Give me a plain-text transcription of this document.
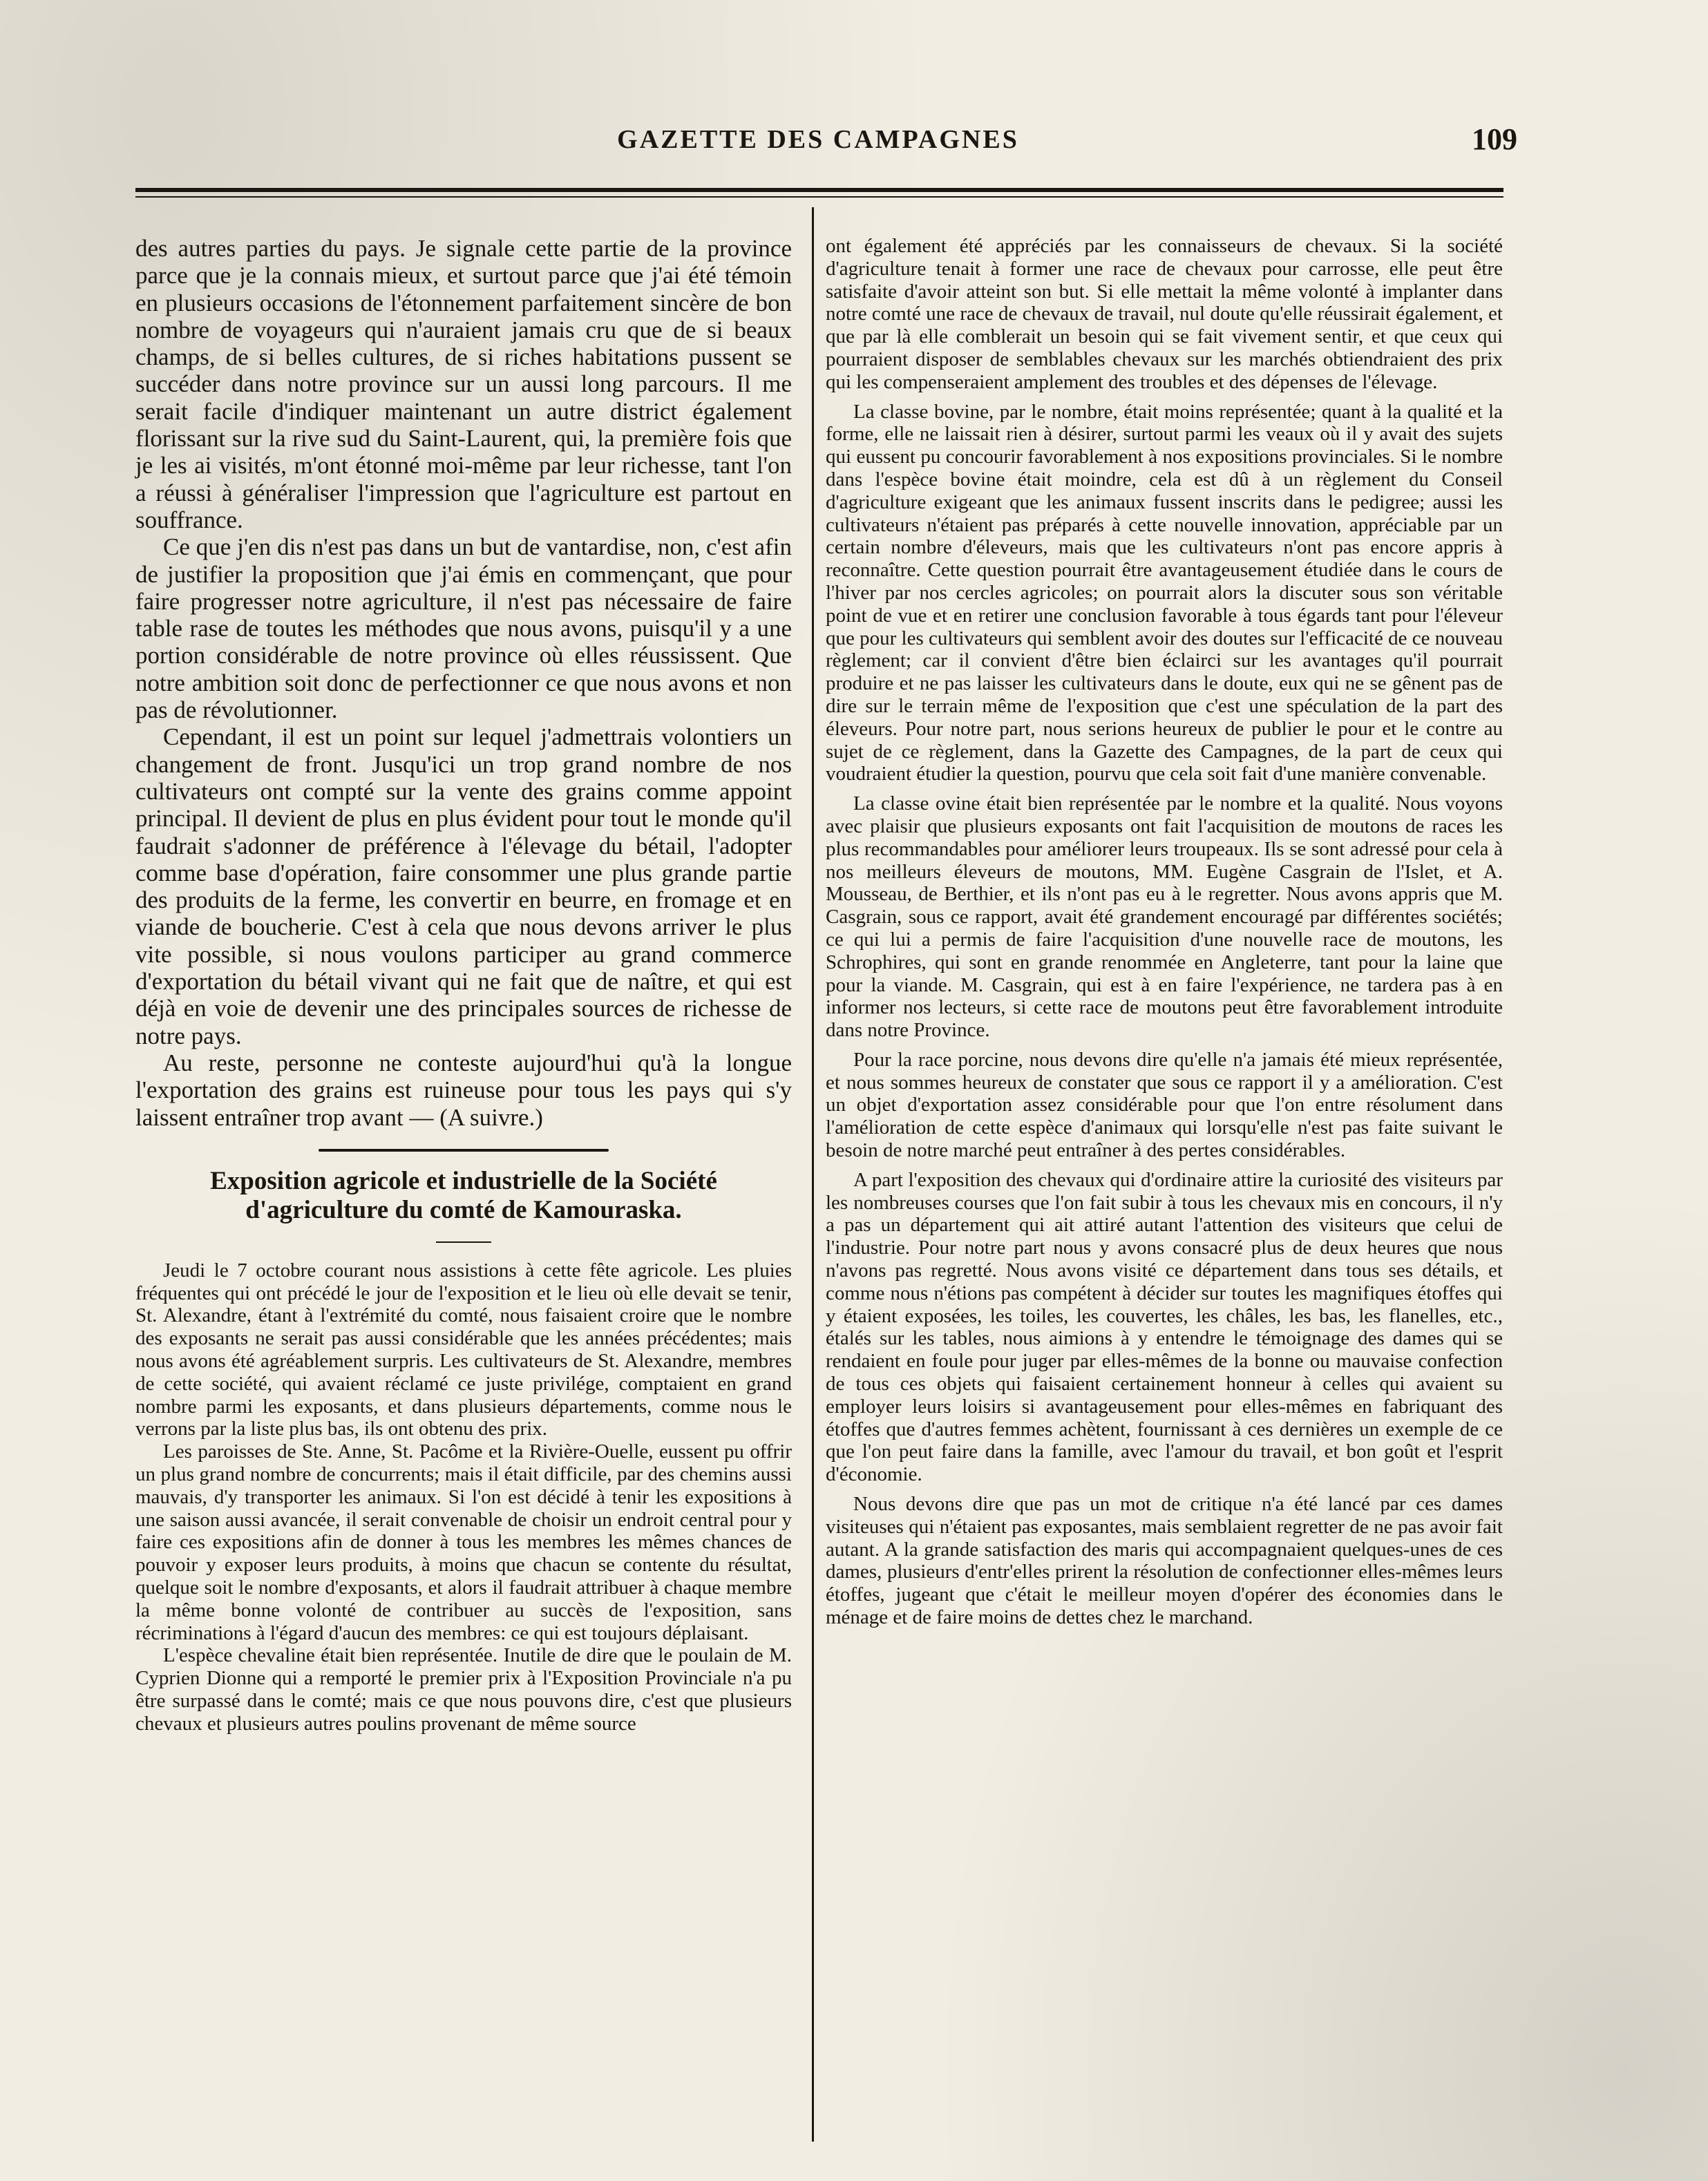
GAZETTE DES CAMPAGNES	109

des autres parties du pays. Je signale cette partie de la province parce que je la connais mieux, et surtout parce que j'ai été témoin en plusieurs occasions de l'étonnement parfaitement sincère de bon nombre de voyageurs qui n'auraient jamais cru que de si beaux champs, de si belles cultures, de si riches habitations pussent se succéder dans notre province sur un aussi long parcours. Il me serait facile d'indiquer maintenant un autre district également florissant sur la rive sud du Saint-Laurent, qui, la première fois que je les ai visités, m'ont étonné moi-même par leur richesse, tant l'on a réussi à généraliser l'impression que l'agriculture est partout en souffrance.

Ce que j'en dis n'est pas dans un but de vantardise, non, c'est afin de justifier la proposition que j'ai émis en commençant, que pour faire progresser notre agriculture, il n'est pas nécessaire de faire table rase de toutes les méthodes que nous avons, puisqu'il y a une portion considérable de notre province où elles réussissent. Que notre ambition soit donc de perfectionner ce que nous avons et non pas de révolutionner.

Cependant, il est un point sur lequel j'admettrais volontiers un changement de front. Jusqu'ici un trop grand nombre de nos cultivateurs ont compté sur la vente des grains comme appoint principal. Il devient de plus en plus évident pour tout le monde qu'il faudrait s'adonner de préférence à l'élevage du bétail, l'adopter comme base d'opération, faire consommer une plus grande partie des produits de la ferme, les convertir en beurre, en fromage et en viande de boucherie. C'est à cela que nous devons arriver le plus vite possible, si nous voulons participer au grand commerce d'exportation du bétail vivant qui ne fait que de naître, et qui est déjà en voie de devenir une des principales sources de richesse de notre pays.

Au reste, personne ne conteste aujourd'hui qu'à la longue l'exportation des grains est ruineuse pour tous les pays qui s'y laissent entraîner trop avant — (A suivre.)

Exposition agricole et industrielle de la Société d'agriculture du comté de Kamouraska.

Jeudi le 7 octobre courant nous assistions à cette fête agricole. Les pluies fréquentes qui ont précédé le jour de l'exposition et le lieu où elle devait se tenir, St. Alexandre, étant à l'extrémité du comté, nous faisaient croire que le nombre des exposants ne serait pas aussi considérable que les années précédentes; mais nous avons été agréablement surpris. Les cultivateurs de St. Alexandre, membres de cette société, qui avaient réclamé ce juste privilége, comptaient en grand nombre parmi les exposants, et dans plusieurs départements, comme nous le verrons par la liste plus bas, ils ont obtenu des prix.

Les paroisses de Ste. Anne, St. Pacôme et la Rivière-Ouelle, eussent pu offrir un plus grand nombre de concurrents; mais il était difficile, par des chemins aussi mauvais, d'y transporter les animaux. Si l'on est décidé à tenir les expositions à une saison aussi avancée, il serait convenable de choisir un endroit central pour y faire ces expositions afin de donner à tous les membres les mêmes chances de pouvoir y exposer leurs produits, à moins que chacun se contente du résultat, quelque soit le nombre d'exposants, et alors il faudrait attribuer à chaque membre la même bonne volonté de contribuer au succès de l'exposition, sans récriminations à l'égard d'aucun des membres: ce qui est toujours déplaisant.

L'espèce chevaline était bien représentée. Inutile de dire que le poulain de M. Cyprien Dionne qui a remporté le premier prix à l'Exposition Provinciale n'a pu être surpassé dans le comté; mais ce que nous pouvons dire, c'est que plusieurs chevaux et plusieurs autres poulins provenant de même source

ont également été appréciés par les connaisseurs de chevaux. Si la société d'agriculture tenait à former une race de chevaux pour carrosse, elle peut être satisfaite d'avoir atteint son but. Si elle mettait la même volonté à implanter dans notre comté une race de chevaux de travail, nul doute qu'elle réussirait également, et que par là elle comblerait un besoin qui se fait vivement sentir, et que ceux qui pourraient disposer de semblables chevaux sur les marchés obtiendraient des prix qui les compenseraient amplement des troubles et des dépenses de l'élevage.

La classe bovine, par le nombre, était moins représentée; quant à la qualité et la forme, elle ne laissait rien à désirer, surtout parmi les veaux où il y avait des sujets qui eussent pu concourir favorablement à nos expositions provinciales. Si le nombre dans l'espèce bovine était moindre, cela est dû à un règlement du Conseil d'agriculture exigeant que les animaux fussent inscrits dans le pedigree; aussi les cultivateurs n'étaient pas préparés à cette nouvelle innovation, appréciable par un certain nombre d'éleveurs, mais que les cultivateurs n'ont pas encore appris à reconnaître. Cette question pourrait être avantageusement étudiée dans le cours de l'hiver par nos cercles agricoles; on pourrait alors la discuter sous son véritable point de vue et en retirer une conclusion favorable à tous égards tant pour l'éleveur que pour les cultivateurs qui semblent avoir des doutes sur l'efficacité de ce nouveau règlement; car il convient d'être bien éclairci sur les avantages qu'il pourrait produire et ne pas laisser les cultivateurs dans le doute, eux qui ne se gênent pas de dire sur le terrain même de l'exposition que c'est une spéculation de la part des éleveurs. Pour notre part, nous serions heureux de publier le pour et le contre au sujet de ce règlement, dans la Gazette des Campagnes, de la part de ceux qui voudraient étudier la question, pourvu que cela soit fait d'une manière convenable.

La classe ovine était bien représentée par le nombre et la qualité. Nous voyons avec plaisir que plusieurs exposants ont fait l'acquisition de moutons de races les plus recommandables pour améliorer leurs troupeaux. Ils se sont adressé pour cela à nos meilleurs éleveurs de moutons, MM. Eugène Casgrain de l'Islet, et A. Mousseau, de Berthier, et ils n'ont pas eu à le regretter. Nous avons appris que M. Casgrain, sous ce rapport, avait été grandement encouragé par différentes sociétés; ce qui lui a permis de faire l'acquisition d'une nouvelle race de moutons, les Schrophires, qui sont en grande renommée en Angleterre, tant pour la laine que pour la viande. M. Casgrain, qui est à en faire l'expérience, ne tardera pas à en informer nos lecteurs, si cette race de moutons peut être favorablement introduite dans notre Province.

Pour la race porcine, nous devons dire qu'elle n'a jamais été mieux représentée, et nous sommes heureux de constater que sous ce rapport il y a amélioration. C'est un objet d'exportation assez considérable pour que l'on entre résolument dans l'amélioration de cette espèce d'animaux qui lorsqu'elle n'est pas faite suivant le besoin de notre marché peut entraîner à des pertes considérables.

A part l'exposition des chevaux qui d'ordinaire attire la curiosité des visiteurs par les nombreuses courses que l'on fait subir à tous les chevaux mis en concours, il n'y a pas un département qui ait attiré autant l'attention des visiteurs que celui de l'industrie. Pour notre part nous y avons consacré plus de deux heures que nous n'avons pas regretté. Nous avons visité ce département dans tous ses détails, et comme nous n'étions pas compétent à décider sur toutes les magnifiques étoffes qui y étaient exposées, les toiles, les couvertes, les châles, les bas, les flanelles, etc., étalés sur les tables, nous aimions à y entendre le témoignage des dames qui se rendaient en foule pour juger par elles-mêmes de la bonne ou mauvaise confection de tous ces objets qui faisaient certainement honneur à celles qui avaient su employer leurs loisirs si avantageusement pour elles-mêmes en fabriquant des étoffes que d'autres femmes achètent, fournissant à ces dernières un exemple de ce que l'on peut faire dans la famille, avec l'amour du travail, et bon goût et l'esprit d'économie.

Nous devons dire que pas un mot de critique n'a été lancé par ces dames visiteuses qui n'étaient pas exposantes, mais semblaient regretter de ne pas avoir fait autant. A la grande satisfaction des maris qui accompagnaient quelques-unes de ces dames, plusieurs d'entr'elles prirent la résolution de confectionner elles-mêmes leurs étoffes, jugeant que c'était le meilleur moyen d'opérer des économies dans le ménage et de faire moins de dettes chez le marchand.
